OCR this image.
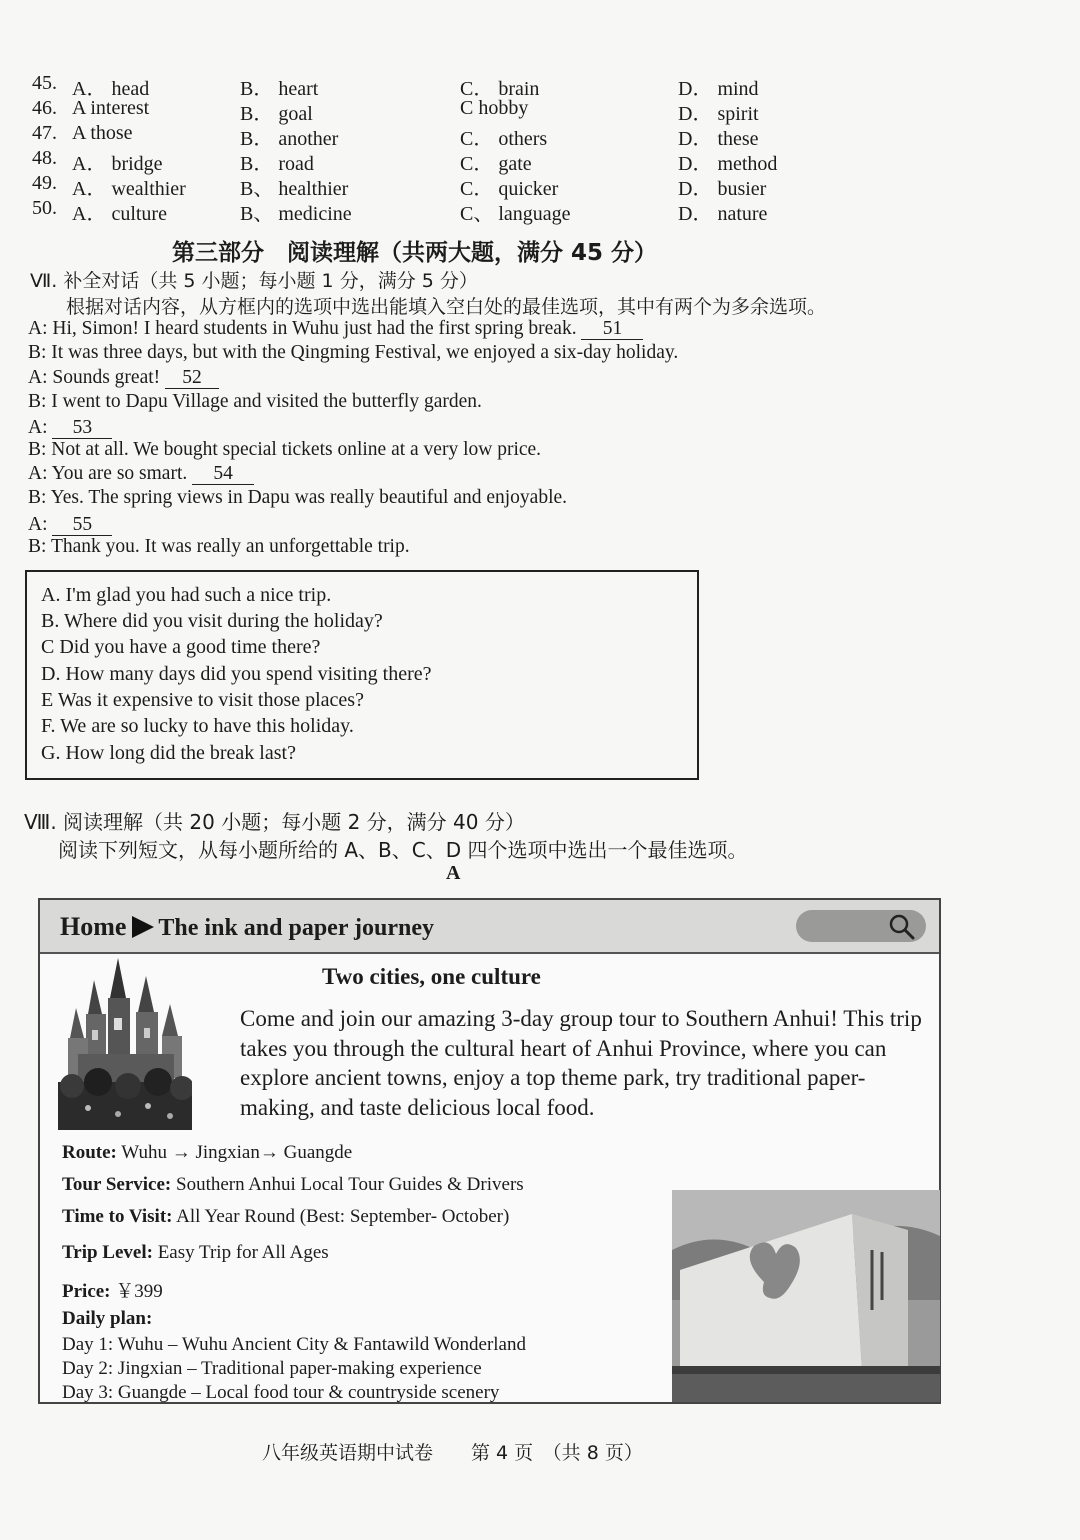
45. A． head	B． heart	C． brain	D． mind
46. A interest	B． goal	C hobby	D． spirit
47. A those	B． another	C． others	D． these
48. A． bridge	B． road	C． gate	D． method
49. A． wealthier	B、 healthier	C． quicker	D． busier
50. A． culture	B、 medicine	C、 language	D． nature
第三部分　阅读理解（共两大题，满分 45 分）
Ⅶ. 补全对话（共 5 小题；每小题 1 分，满分 5 分）
根据对话内容，从方框内的选项中选出能填入空白处的最佳选项，其中有两个为多余选项。
A: Hi, Simon! I heard students in Wuhu just had the first spring break. 51
B: It was three days, but with the Qingming Festival, we enjoyed a six-day holiday.
A: Sounds great! 52
B: I went to Dapu Village and visited the butterfly garden.
A: 53
B: Not at all. We bought special tickets online at a very low price.
A: You are so smart. 54
B: Yes. The spring views in Dapu was really beautiful and enjoyable.
A: 55
B: Thank you. It was really an unforgettable trip.
A. I'm glad you had such a nice trip.
B. Where did you visit during the holiday?
C Did you have a good time there?
D. How many days did you spend visiting there?
E Was it expensive to visit those places?
F. We are so lucky to have this holiday.
G. How long did the break last?
Ⅷ. 阅读理解（共 20 小题；每小题 2 分，满分 40 分）
阅读下列短文，从每小题所给的 A、B、C、D 四个选项中选出一个最佳选项。
A
Home The ink and paper journey
Two cities, one culture
Come and join our amazing 3-day group tour to Southern Anhui! This trip takes you through the cultural heart of Anhui Province, where you can explore ancient towns, enjoy a top theme park, try traditional paper-making, and taste delicious local food.
Route: Wuhu → Jingxian→ Guangde
Tour Service: Southern Anhui Local Tour Guides & Drivers
Time to Visit: All Year Round (Best: September- October)
Trip Level: Easy Trip for All Ages
Price: ￥399
Daily plan:
Day 1: Wuhu – Wuhu Ancient City & Fantawild Wonderland
Day 2: Jingxian – Traditional paper-making experience
Day 3: Guangde – Local food tour & countryside scenery
八年级英语期中试卷　　第 4 页　（共 8 页）
